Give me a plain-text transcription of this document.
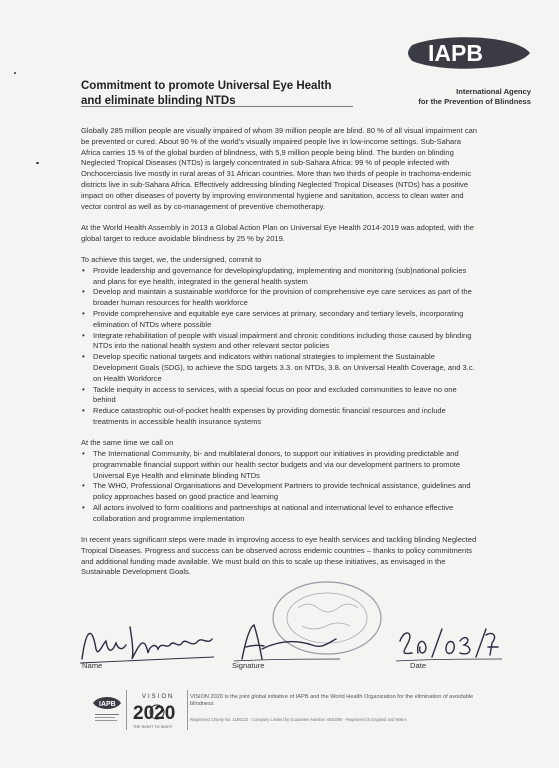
IAPB
International Agency
for the Prevention of Blindness
Commitment to promote Universal Eye Health
and eliminate blinding NTDs

Globally 285 million people are visually impaired of whom 39 million people are blind. 80 % of all visual impairment can be prevented or cured. About 90 % of the world’s visually impaired people live in low-income settings. Sub-Sahara Africa carries 15 % of the global burden of blindness, with 5,9 million people being blind. The burden on blinding Neglected Tropical Diseases (NTDs) is largely concentrated in sub-Sahara Africa: 99 % of people infected with Onchocerciasis live mostly in rural areas of 31 African countries. More than two thirds of people in trachoma-endemic districts live in sub-Sahara Africa. Effectively addressing blinding Neglected Tropical Diseases (NTDs) has a positive impact on other diseases of poverty by improving environmental hygiene and sanitation, access to clean water and vector control as well as by co-management of preventive chemotherapy.

At the World Health Assembly in 2013 a Global Action Plan on Universal Eye Health 2014-2019 was adopted, with the global target to reduce avoidable blindness by 25 % by 2019.

To achieve this target, we, the undersigned, commit to
• Provide leadership and governance for developing/updating, implementing and monitoring (sub)national policies and plans for eye health, integrated in the general health system
• Develop and maintain a sustainable workforce for the provision of comprehensive eye care services as part of the broader human resources for health workforce
• Provide comprehensive and equitable eye care services at primary, secondary and tertiary levels, incorporating elimination of NTDs where possible
• Integrate rehabilitation of people with visual impairment and chronic conditions including those caused by blinding NTDs into the national health system and other relevant sector policies
• Develop specific national targets and indicators within national strategies to implement the Sustainable Development Goals (SDG), to achieve the SDG targets 3.3. on NTDs, 3.8. on Universal Health Coverage, and 3.c. on Health Workforce
• Tackle inequity in access to services, with a special focus on poor and excluded communities to leave no one behind
• Reduce catastrophic out-of-pocket health expenses by providing domestic financial resources and include treatments in accessible health insurance systems
At the same time we call on
• The International Community, bi- and multilateral donors, to support our initiatives in providing predictable and programmable financial support within our health sector budgets and via our development partners to promote Universal Eye Health and eliminate blinding NTDs
• The WHO, Professional Organisations and Development Partners to provide technical assistance, guidelines and policy approaches based on good practice and learning
• All actors involved to form coalitions and partnerships at national and international level to enhance effective collaboration and programme implementation

In recent years significant steps were made in improving access to eye health services and tackling blinding Neglected Tropical Diseases. Progress and success can be observed across endemic countries – thanks to policy commitments and additional funding made available. We must build on this to scale up these initiatives, as envisaged in the Sustainable Development Goals.

Name	Signature	Date
IAPB
VISION
2020
THE RIGHT TO SIGHT
VISION 2020 is the joint global initiative of IAPB and the World Health Organization for the elimination of avoidable blindness
Registered Charity No. 1180122 · Company Limited by Guarantee Number 4620390 · Registered in England and Wales
